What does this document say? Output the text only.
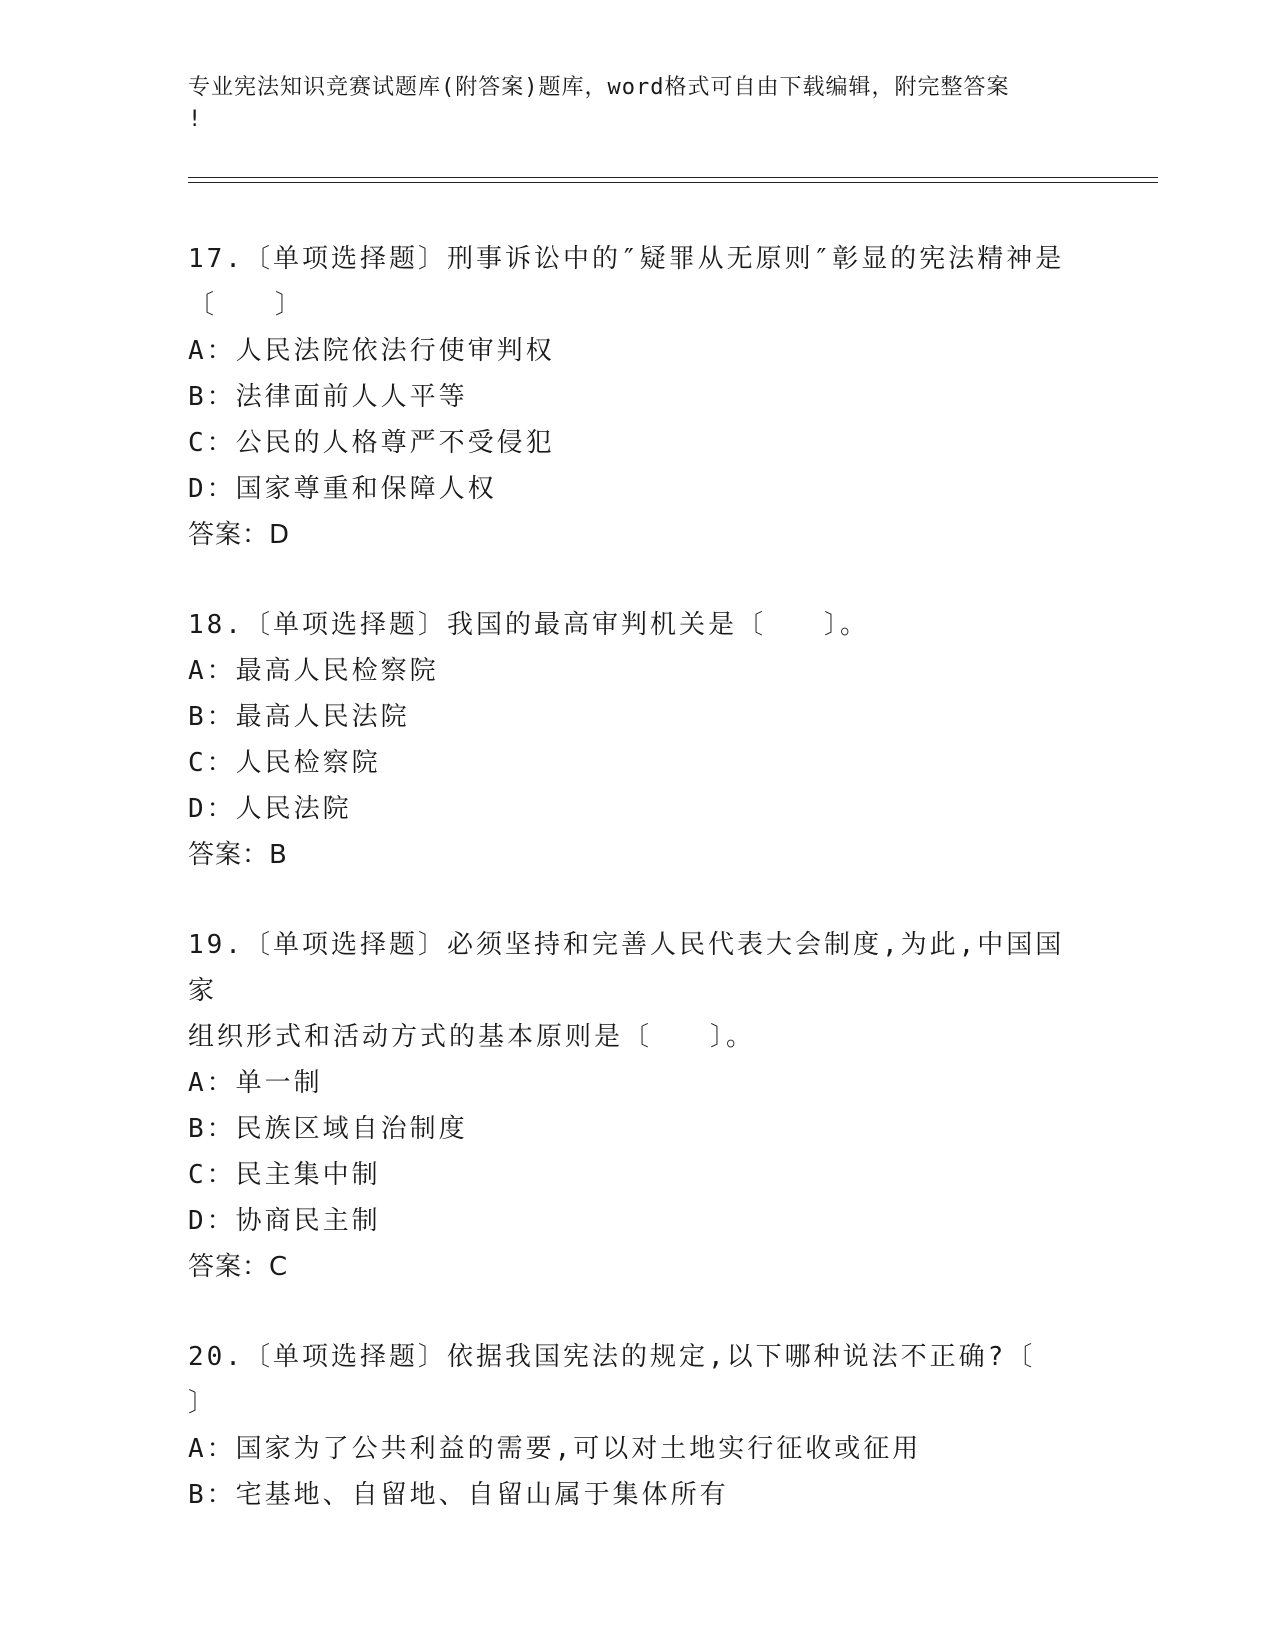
专业宪法知识竞赛试题库(附答案)题库，word格式可自由下载编辑，附完整答案
!
17.〔单项选择题〕刑事诉讼中的″疑罪从无原则″彰显的宪法精神是
〔　　〕
A：人民法院依法行使审判权
B：法律面前人人平等
C：公民的人格尊严不受侵犯
D：国家尊重和保障人权
答案：D
18.〔单项选择题〕我国的最高审判机关是〔　　〕。
A：最高人民检察院
B：最高人民法院
C：人民检察院
D：人民法院
答案：B
19.〔单项选择题〕必须坚持和完善人民代表大会制度,为此,中国国家
组织形式和活动方式的基本原则是〔　　〕。
A：单一制
B：民族区域自治制度
C：民主集中制
D：协商民主制
答案：C
20.〔单项选择题〕依据我国宪法的规定,以下哪种说法不正确?〔
〕
A：国家为了公共利益的需要,可以对土地实行征收或征用
B：宅基地、自留地、自留山属于集体所有
